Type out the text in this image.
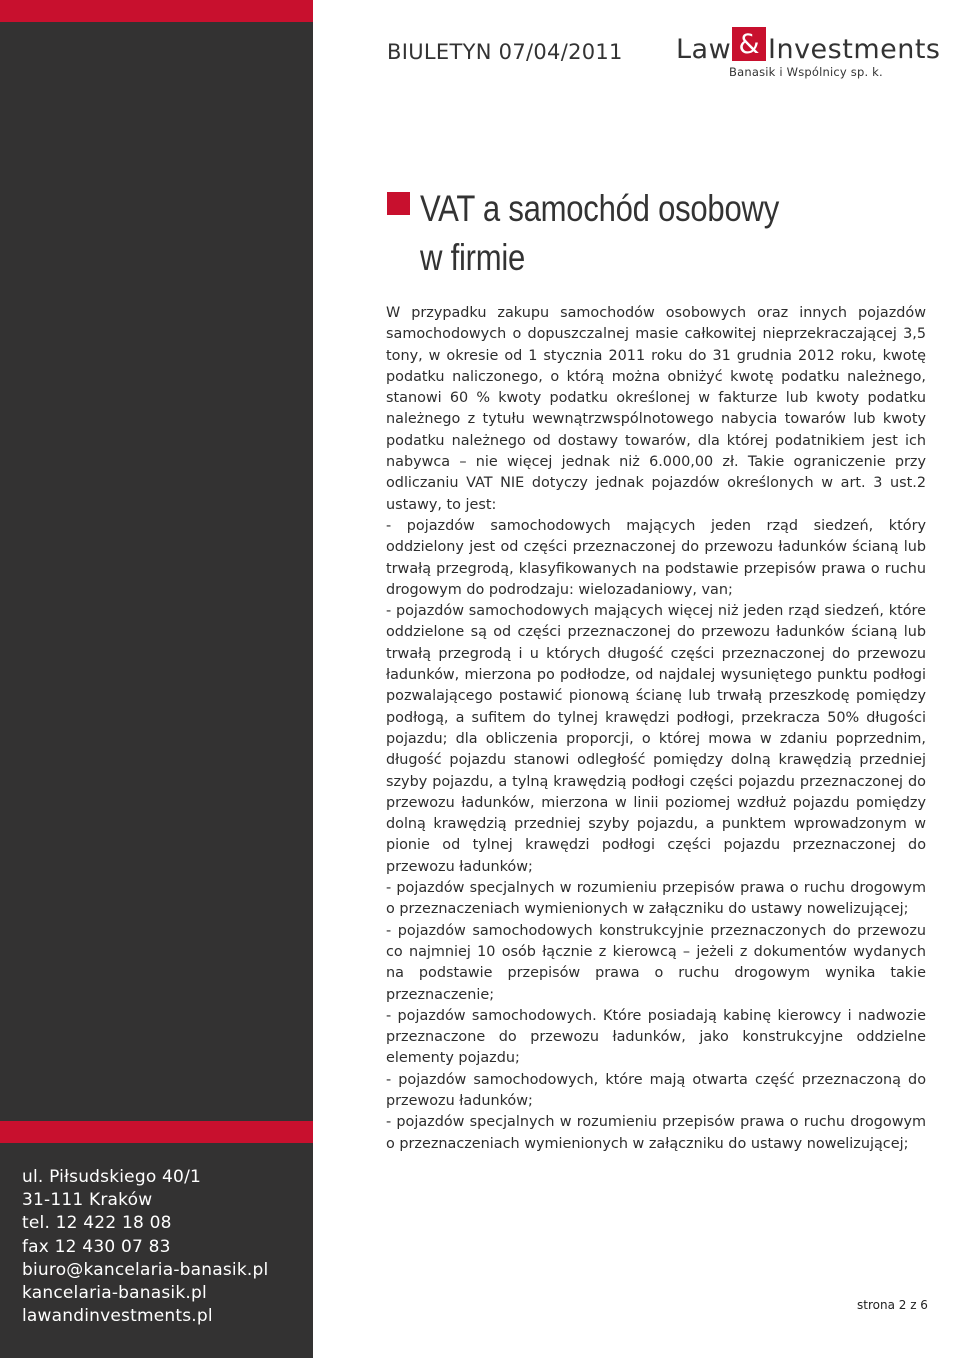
ul. Piłsudskiego 40/1
31-111 Kraków
tel. 12 422 18 08
fax 12 430 07 83
biuro@kancelaria-banasik.pl
kancelaria-banasik.pl
lawandinvestments.pl
BIULETYN 07/04/2011 Law & Investments
Banasik i Wspólnicy sp. k.
VAT a samochód osobowy
w firmie
W przypadku zakupu samochodów osobowych oraz innych pojazdów samochodowych o dopuszczalnej masie całkowitej nieprzekraczającej 3,5 tony, w okresie od 1 stycznia 2011 roku do 31 grudnia 2012 roku, kwotę podatku naliczonego, o którą można obniżyć kwotę podatku należnego, stanowi 60 % kwoty podatku określonej w fakturze lub kwoty podatku należnego z tytułu wewnątrzwspólnotowego nabycia towarów lub kwoty podatku należnego od dostawy towarów, dla której podatnikiem jest ich nabywca – nie więcej jednak niż 6.000,00 zł. Takie ograniczenie przy odliczaniu VAT NIE dotyczy jednak pojazdów określonych w art. 3 ust.2 ustawy, to jest:
- pojazdów samochodowych mających jeden rząd siedzeń, który oddzielony jest od części przeznaczonej do przewozu ładunków ścianą lub trwałą przegrodą, klasyfikowanych na podstawie przepisów prawa o ruchu drogowym do podrodzaju: wielozadaniowy, van;
- pojazdów samochodowych mających więcej niż jeden rząd siedzeń, które oddzielone są od części przeznaczonej do przewozu ładunków ścianą lub trwałą przegrodą i u których długość części przeznaczonej do przewozu ładunków, mierzona po podłodze, od najdalej wysuniętego punktu podłogi pozwalającego postawić pionową ścianę lub trwałą przeszkodę pomiędzy podłogą, a sufitem do tylnej krawędzi podłogi, przekracza 50% długości pojazdu; dla obliczenia proporcji, o której mowa w zdaniu poprzednim, długość pojazdu stanowi odległość pomiędzy dolną krawędzią przedniej szyby pojazdu, a tylną krawędzią podłogi części pojazdu przeznaczonej do przewozu ładunków, mierzona w linii poziomej wzdłuż pojazdu pomiędzy dolną krawędzią przedniej szyby pojazdu, a punktem wprowadzonym w pionie od tylnej krawędzi podłogi części pojazdu przeznaczonej do przewozu ładunków;
- pojazdów specjalnych w rozumieniu przepisów prawa o ruchu drogowym o przeznaczeniach wymienionych w załączniku do ustawy nowelizującej;
- pojazdów samochodowych konstrukcyjnie przeznaczonych do przewozu co najmniej 10 osób łącznie z kierowcą – jeżeli z dokumentów wydanych na podstawie przepisów prawa o ruchu drogowym wynika takie przeznaczenie;
- pojazdów samochodowych. Które posiadają kabinę kierowcy i nadwozie przeznaczone do przewozu ładunków, jako konstrukcyjne oddzielne elementy pojazdu;
- pojazdów samochodowych, które mają otwarta część przeznaczoną do przewozu ładunków;
- pojazdów specjalnych w rozumieniu przepisów prawa o ruchu drogowym o przeznaczeniach wymienionych w załączniku do ustawy nowelizującej;
strona 2 z 6
